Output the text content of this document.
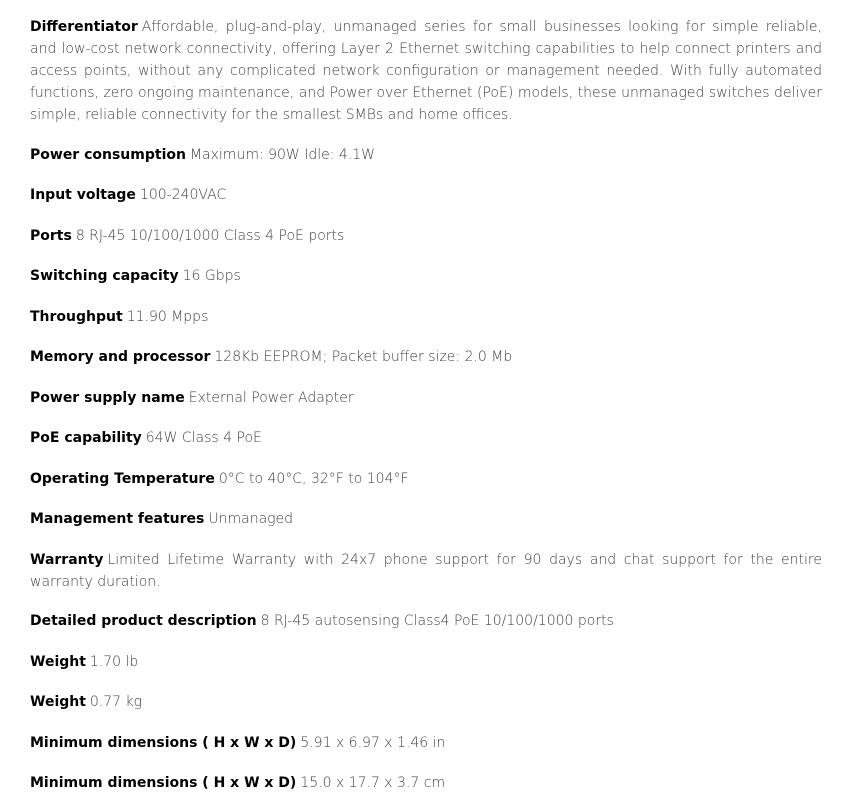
Differentiator Affordable, plug-and-play, unmanaged series for small businesses looking for simple reliable, and low-cost network connectivity, offering Layer 2 Ethernet switching capabilities to help connect printers and access points, without any complicated network configuration or management needed. With fully automated functions, zero ongoing maintenance, and Power over Ethernet (PoE) models, these unmanaged switches deliver simple, reliable connectivity for the smallest SMBs and home offices.

Power consumption Maximum: 90W Idle: 4.1W

Input voltage 100-240VAC

Ports 8 RJ-45 10/100/1000 Class 4 PoE ports

Switching capacity 16 Gbps

Throughput 11.90 Mpps

Memory and processor 128Kb EEPROM; Packet buffer size: 2.0 Mb

Power supply name External Power Adapter

PoE capability 64W Class 4 PoE

Operating Temperature 0°C to 40°C, 32°F to 104°F

Management features Unmanaged

Warranty Limited Lifetime Warranty with 24x7 phone support for 90 days and chat support for the entire warranty duration.

Detailed product description 8 RJ-45 autosensing Class4 PoE 10/100/1000 ports

Weight 1.70 lb

Weight 0.77 kg

Minimum dimensions ( H x W x D) 5.91 x 6.97 x 1.46 in

Minimum dimensions ( H x W x D) 15.0 x 17.7 x 3.7 cm
